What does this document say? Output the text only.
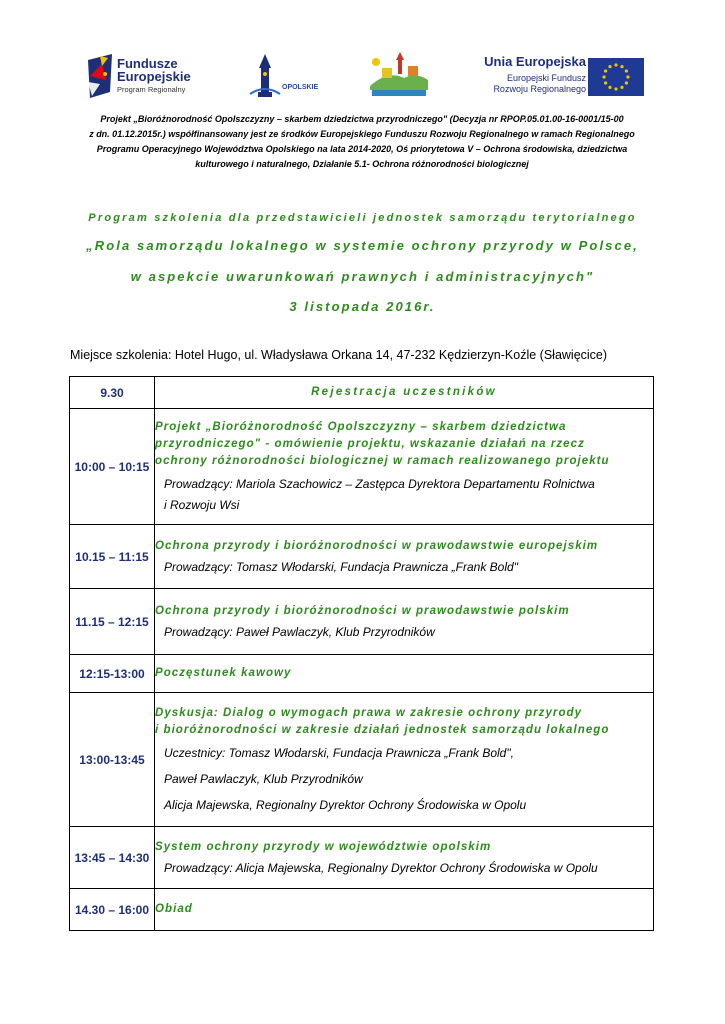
Fundusze
Europejskie
Program Regionalny	OPOLSKIE
Unia Europejska
Europejski Fundusz
Rozwoju Regionalnego
Projekt „Bioróżnorodność Opolszczyzny – skarbem dziedzictwa przyrodniczego" (Decyzja nr RPOP.05.01.00-16-0001/15-00
z dn. 01.12.2015r.) współfinansowany jest ze środków Europejskiego Funduszu Rozwoju Regionalnego w ramach Regionalnego
Programu Operacyjnego Województwa Opolskiego na lata 2014-2020, Oś priorytetowa V – Ochrona środowiska, dziedzictwa
kulturowego i naturalnego, Działanie 5.1- Ochrona różnorodności biologicznej
Program szkolenia dla przedstawicieli jednostek samorządu terytorialnego
„Rola samorządu lokalnego w systemie ochrony przyrody w Polsce,
w aspekcie uwarunkowań prawnych i administracyjnych"
3 listopada 2016r.
Miejsce szkolenia: Hotel Hugo, ul. Władysława Orkana 14, 47-232 Kędzierzyn-Koźle (Sławięcice)
9.30	Rejestracja uczestników

10:00 – 10:15	Projekt „Bioróżnorodność Opolszczyzny – skarbem dziedzictwa
przyrodniczego" - omówienie projektu, wskazanie działań na rzecz
ochrony różnorodności biologicznej w ramach realizowanego projektu
Prowadzący: Mariola Szachowicz – Zastępca Dyrektora Departamentu Rolnictwa
i Rozwoju Wsi

10.15 – 11:15	Ochrona przyrody i bioróżnorodności w prawodawstwie europejskim
Prowadzący: Tomasz Włodarski, Fundacja Prawnicza „Frank Bold"

11.15 – 12:15	Ochrona przyrody i bioróżnorodności w prawodawstwie polskim
Prowadzący: Paweł Pawlaczyk, Klub Przyrodników

12:15-13:00	Poczęstunek kawowy

13:00-13:45	Dyskusja: Dialog o wymogach prawa w zakresie ochrony przyrody
i bioróżnorodności w zakresie działań jednostek samorządu lokalnego
Uczestnicy: Tomasz Włodarski, Fundacja Prawnicza „Frank Bold",
Paweł Pawlaczyk, Klub Przyrodników
Alicja Majewska, Regionalny Dyrektor Ochrony Środowiska w Opolu

13:45 – 14:30	System ochrony przyrody w województwie opolskim
Prowadzący: Alicja Majewska, Regionalny Dyrektor Ochrony Środowiska w Opolu

14.30 – 16:00	Obiad
